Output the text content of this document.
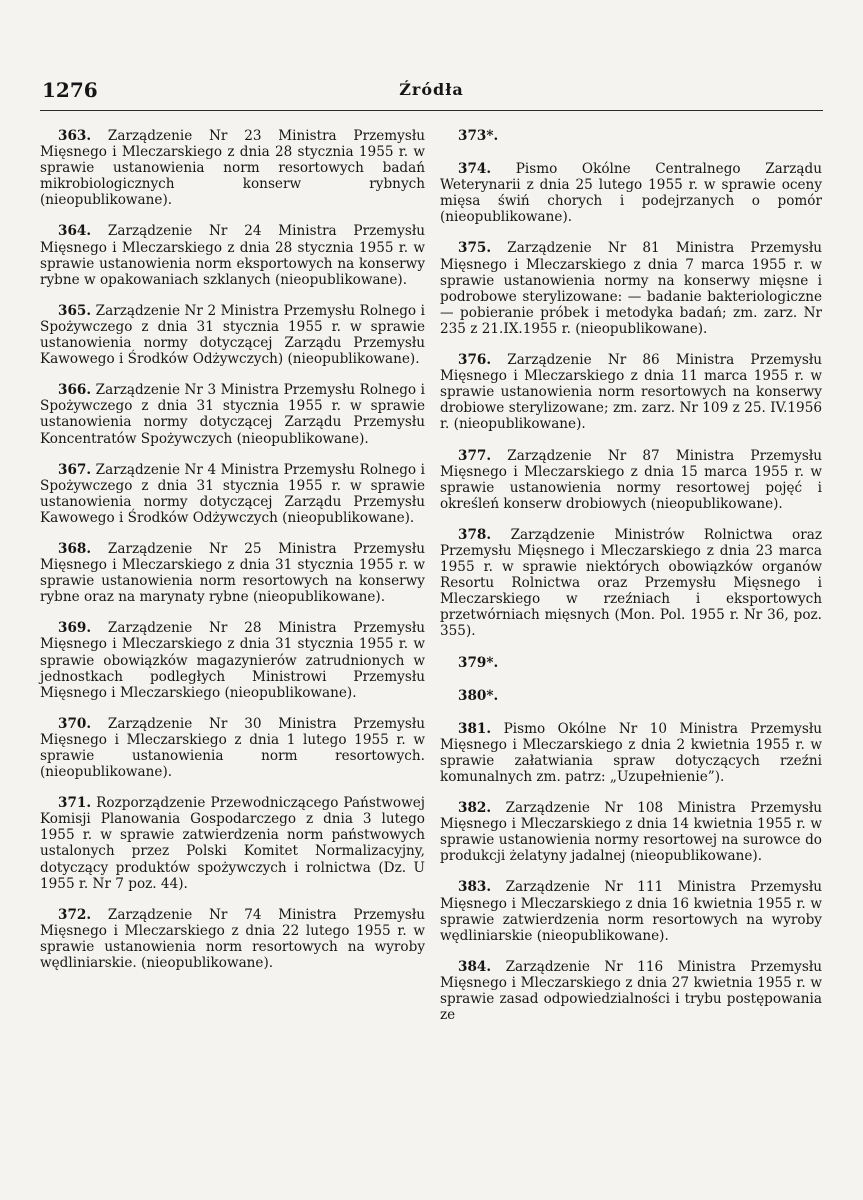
1276	Źródła

363. Zarządzenie Nr 23 Ministra Przemysłu Mięsnego i Mleczarskiego z dnia 28 stycznia 1955 r. w sprawie ustanowienia norm resortowych badań mikrobiologicznych konserw rybnych (nieopublikowane).

364. Zarządzenie Nr 24 Ministra Przemysłu Mięsnego i Mleczarskiego z dnia 28 stycznia 1955 r. w sprawie ustanowienia norm eksportowych na konserwy rybne w opakowaniach szklanych (nieopublikowane).

365. Zarządzenie Nr 2 Ministra Przemysłu Rolnego i Spożywczego z dnia 31 stycznia 1955 r. w sprawie ustanowienia normy dotyczącej Zarządu Przemysłu Kawowego i Środków Odżywczych) (nieopublikowane).

366. Zarządzenie Nr 3 Ministra Przemysłu Rolnego i Spożywczego z dnia 31 stycznia 1955 r. w sprawie ustanowienia normy dotyczącej Zarządu Przemysłu Koncentratów Spożywczych (nieopublikowane).

367. Zarządzenie Nr 4 Ministra Przemysłu Rolnego i Spożywczego z dnia 31 stycznia 1955 r. w sprawie ustanowienia normy dotyczącej Zarządu Przemysłu Kawowego i Środków Odżywczych (nieopublikowane).

368. Zarządzenie Nr 25 Ministra Przemysłu Mięsnego i Mleczarskiego z dnia 31 stycznia 1955 r. w sprawie ustanowienia norm resortowych na konserwy rybne oraz na marynaty rybne (nieopublikowane).

369. Zarządzenie Nr 28 Ministra Przemysłu Mięsnego i Mleczarskiego z dnia 31 stycznia 1955 r. w sprawie obowiązków magazynierów zatrudnionych w jednostkach podległych Ministrowi Przemysłu Mięsnego i Mleczarskiego (nieopublikowane).

370. Zarządzenie Nr 30 Ministra Przemysłu Mięsnego i Mleczarskiego z dnia 1 lutego 1955 r. w sprawie ustanowienia norm resortowych. (nieopublikowane).

371. Rozporządzenie Przewodniczącego Państwowej Komisji Planowania Gospodarczego z dnia 3 lutego 1955 r. w sprawie zatwierdzenia norm państwowych ustalonych przez Polski Komitet Normalizacyjny, dotyczący produktów spożywczych i rolnictwa (Dz. U 1955 r. Nr 7 poz. 44).

372. Zarządzenie Nr 74 Ministra Przemysłu Mięsnego i Mleczarskiego z dnia 22 lutego 1955 r. w sprawie ustanowienia norm resortowych na wyroby wędliniarskie. (nieopublikowane).

373*.

374. Pismo Okólne Centralnego Zarządu Weterynarii z dnia 25 lutego 1955 r. w sprawie oceny mięsa świń chorych i podejrzanych o pomór (nieopublikowane).

375. Zarządzenie Nr 81 Ministra Przemysłu Mięsnego i Mleczarskiego z dnia 7 marca 1955 r. w sprawie ustanowienia normy na konserwy mięsne i podrobowe sterylizowane: — badanie bakteriologiczne — pobieranie próbek i metodyka badań; zm. zarz. Nr 235 z 21.IX.1955 r. (nieopublikowane).

376. Zarządzenie Nr 86 Ministra Przemysłu Mięsnego i Mleczarskiego z dnia 11 marca 1955 r. w sprawie ustanowienia norm resortowych na konserwy drobiowe sterylizowane; zm. zarz. Nr 109 z 25. IV.1956 r. (nieopublikowane).

377. Zarządzenie Nr 87 Ministra Przemysłu Mięsnego i Mleczarskiego z dnia 15 marca 1955 r. w sprawie ustanowienia normy resortowej pojęć i określeń konserw drobiowych (nieopublikowane).

378. Zarządzenie Ministrów Rolnictwa oraz Przemysłu Mięsnego i Mleczarskiego z dnia 23 marca 1955 r. w sprawie niektórych obowiązków organów Resortu Rolnictwa oraz Przemysłu Mięsnego i Mleczarskiego w rzeźniach i eksportowych przetwórniach mięsnych (Mon. Pol. 1955 r. Nr 36, poz. 355).

379*.

380*.

381. Pismo Okólne Nr 10 Ministra Przemysłu Mięsnego i Mleczarskiego z dnia 2 kwietnia 1955 r. w sprawie załatwiania spraw dotyczących rzeźni komunalnych zm. patrz: „Uzupełnienie”).

382. Zarządzenie Nr 108 Ministra Przemysłu Mięsnego i Mleczarskiego z dnia 14 kwietnia 1955 r. w sprawie ustanowienia normy resortowej na surowce do produkcji żelatyny jadalnej (nieopublikowane).

383. Zarządzenie Nr 111 Ministra Przemysłu Mięsnego i Mleczarskiego z dnia 16 kwietnia 1955 r. w sprawie zatwierdzenia norm resortowych na wyroby wędliniarskie (nieopublikowane).

384. Zarządzenie Nr 116 Ministra Przemysłu Mięsnego i Mleczarskiego z dnia 27 kwietnia 1955 r. w sprawie zasad odpowiedzialności i trybu postępowania ze
